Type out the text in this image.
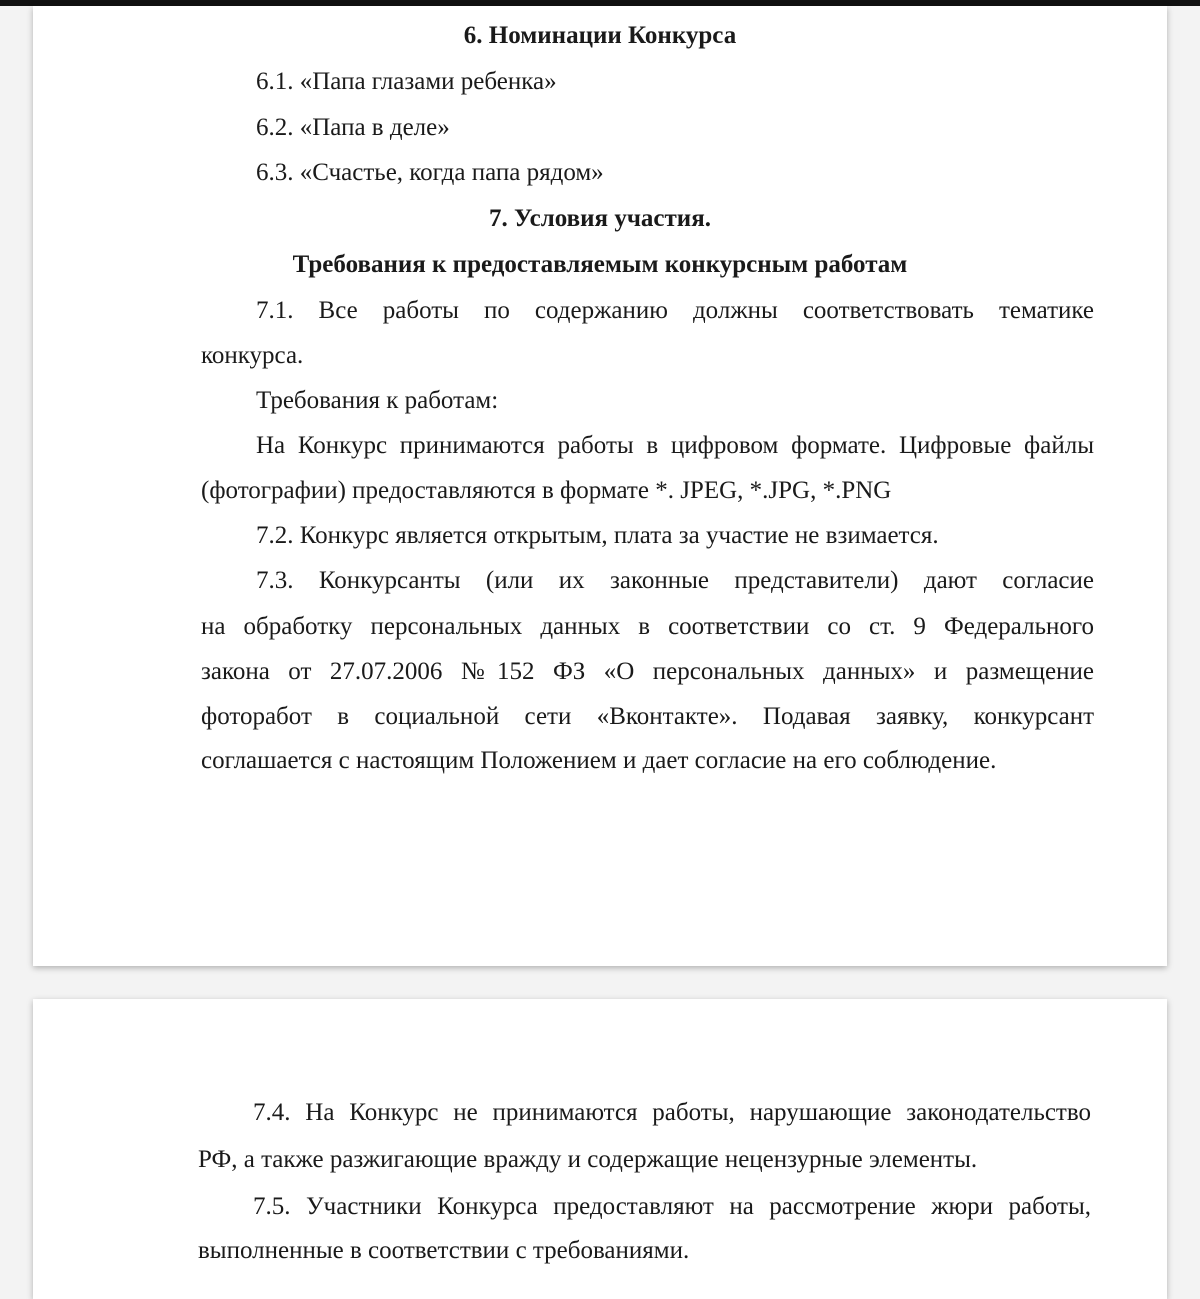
6. Номинации Конкурса
6.1. «Папа глазами ребенка»
6.2. «Папа в деле»
6.3. «Счастье, когда папа рядом»
7. Условия участия.
Требования к предоставляемым конкурсным работам
7.1. Все работы по содержанию должны соответствовать тематике
конкурса.
Требования к работам:
На Конкурс принимаются работы в цифровом формате. Цифровые файлы
(фотографии) предоставляются в формате *. JPEG, *.JPG, *.PNG
7.2. Конкурс является открытым, плата за участие не взимается.
7.3. Конкурсанты (или их законные представители) дают согласие
на обработку персональных данных в соответствии со ст. 9 Федерального
закона от 27.07.2006 №152 ФЗ «О персональных данных» и размещение
фоторабот в социальной сети «Вконтакте». Подавая заявку, конкурсант
соглашается с настоящим Положением и дает согласие на его соблюдение.
7.4. На Конкурс не принимаются работы, нарушающие законодательство
РФ, а также разжигающие вражду и содержащие нецензурные элементы.
7.5. Участники Конкурса предоставляют на рассмотрение жюри работы,
выполненные в соответствии с требованиями.
